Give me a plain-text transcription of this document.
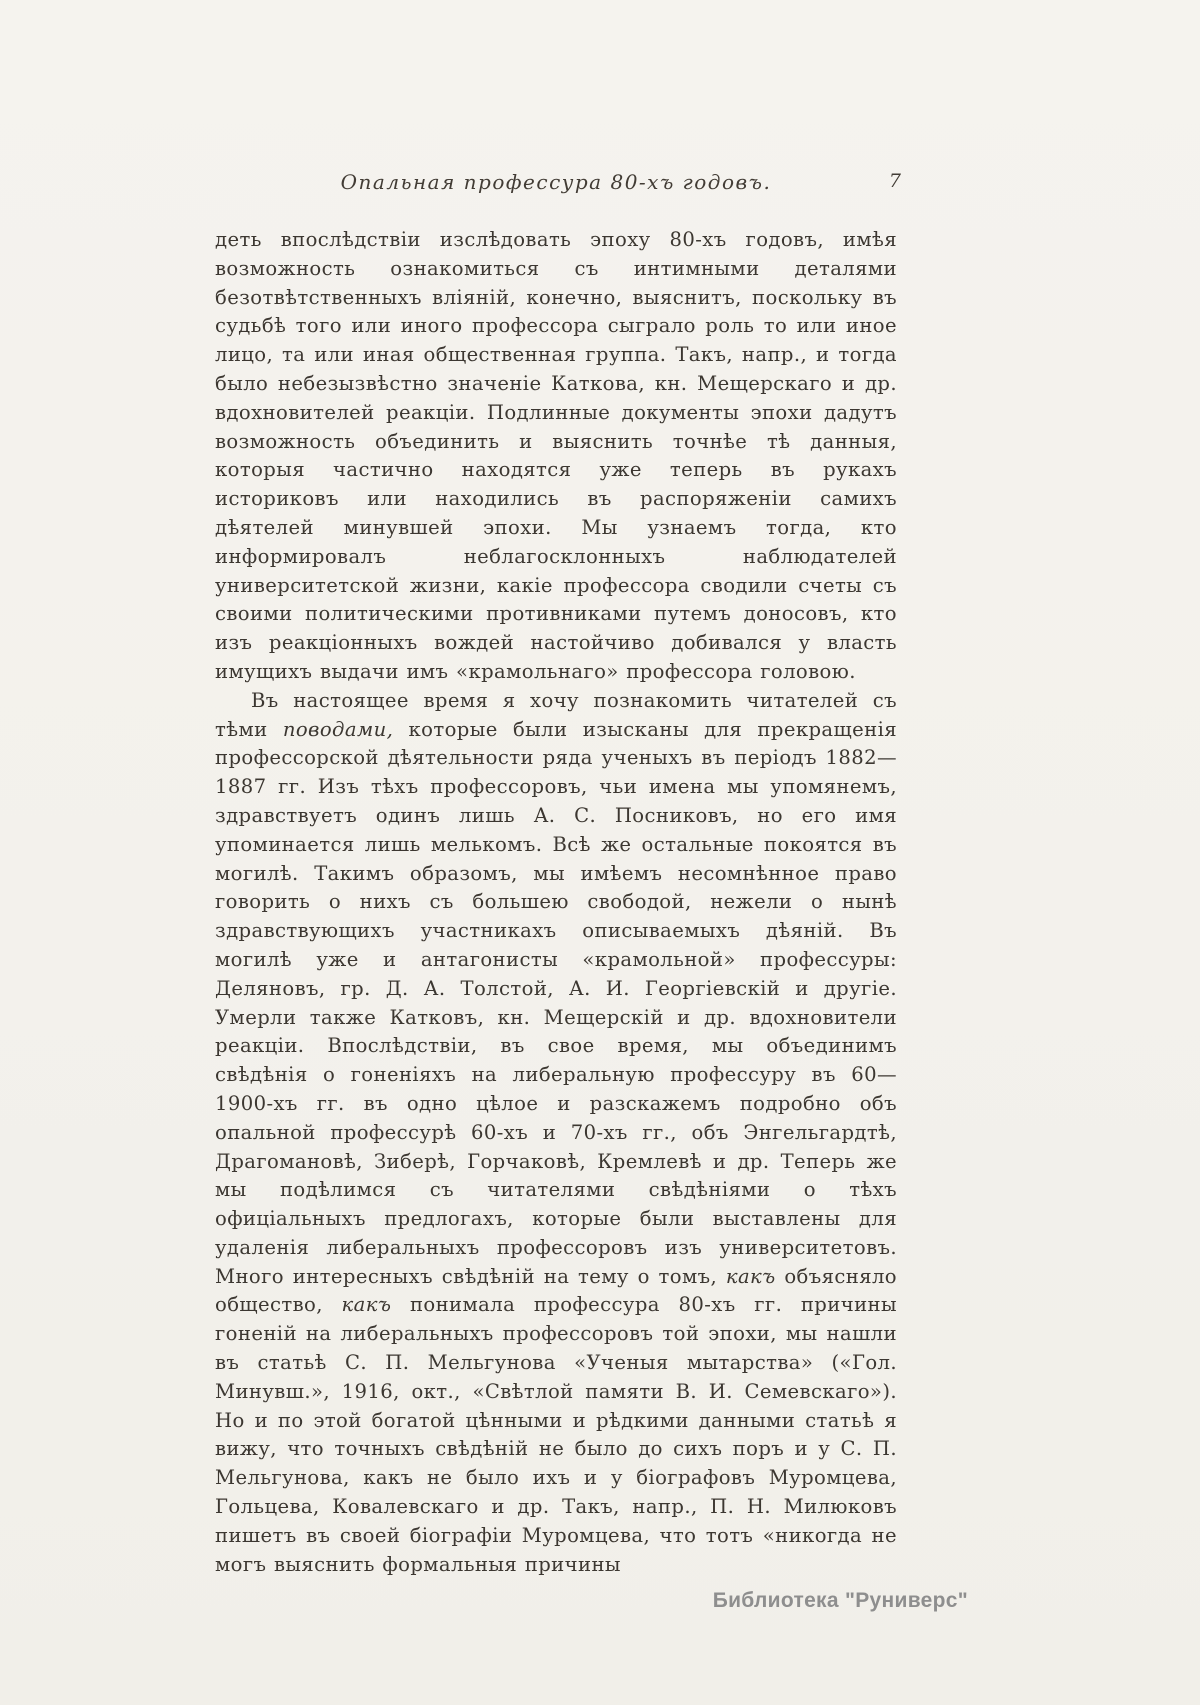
Опальная профессура 80-хъ годовъ.	7

деть впослѣдствіи изслѣдовать эпоху 80-хъ годовъ, имѣя возможность ознакомиться съ интимными деталями безотвѣтственныхъ вліяній, конечно, выяснитъ, поскольку въ судьбѣ того или иного профессора сыграло роль то или иное лицо, та или иная общественная группа. Такъ, напр., и тогда было небезызвѣстно значеніе Каткова, кн. Мещерскаго и др. вдохновителей реакціи. Подлинные документы эпохи дадутъ возможность объединить и выяснить точнѣе тѣ данныя, которыя частично находятся уже теперь въ рукахъ историковъ или находились въ распоряженіи самихъ дѣятелей минувшей эпохи. Мы узнаемъ тогда, кто информировалъ неблагосклонныхъ наблюдателей университетской жизни, какіе профессора сводили счеты съ своими политическими противниками путемъ доносовъ, кто изъ реакціонныхъ вождей настойчиво добивался у власть имущихъ выдачи имъ «крамольнаго» профессора головою.

Въ настоящее время я хочу познакомить читателей съ тѣми поводами, которые были изысканы для прекращенія профессорской дѣятельности ряда ученыхъ въ періодъ 1882—1887 гг. Изъ тѣхъ профессоровъ, чьи имена мы упомянемъ, здравствуетъ одинъ лишь А. С. Посниковъ, но его имя упоминается лишь мелькомъ. Всѣ же остальные покоятся въ могилѣ. Такимъ образомъ, мы имѣемъ несомнѣнное право говорить о нихъ съ большею свободой, нежели о нынѣ здравствующихъ участникахъ описываемыхъ дѣяній. Въ могилѣ уже и антагонисты «крамольной» профессуры: Деляновъ, гр. Д. А. Толстой, А. И. Георгіевскій и другіе. Умерли также Катковъ, кн. Мещерскій и др. вдохновители реакціи. Впослѣдствіи, въ свое время, мы объединимъ свѣдѣнія о гоненіяхъ на либеральную профессуру въ 60—1900-хъ гг. въ одно цѣлое и разскажемъ подробно объ опальной профессурѣ 60-хъ и 70-хъ гг., объ Энгельгардтѣ, Драгомановѣ, Зиберѣ, Горчаковѣ, Кремлевѣ и др. Теперь же мы подѣлимся съ читателями свѣдѣніями о тѣхъ офиціальныхъ предлогахъ, которые были выставлены для удаленія либеральныхъ профессоровъ изъ университетовъ. Много интересныхъ свѣдѣній на тему о томъ, какъ объясняло общество, какъ понимала профессура 80-хъ гг. причины гоненій на либеральныхъ профессоровъ той эпохи, мы нашли въ статьѣ С. П. Мельгунова «Ученыя мытарства» («Гол. Минувш.», 1916, окт., «Свѣтлой памяти В. И. Семевскаго»). Но и по этой богатой цѣнными и рѣдкими данными статьѣ я вижу, что точныхъ свѣдѣній не было до сихъ поръ и у С. П. Мельгунова, какъ не было ихъ и у біографовъ Муромцева, Гольцева, Ковалевскаго и др. Такъ, напр., П. Н. Милюковъ пишетъ въ своей біографіи Муромцева, что тотъ «никогда не могъ выяснить формальныя причины

Библиотека "Руниверс"
